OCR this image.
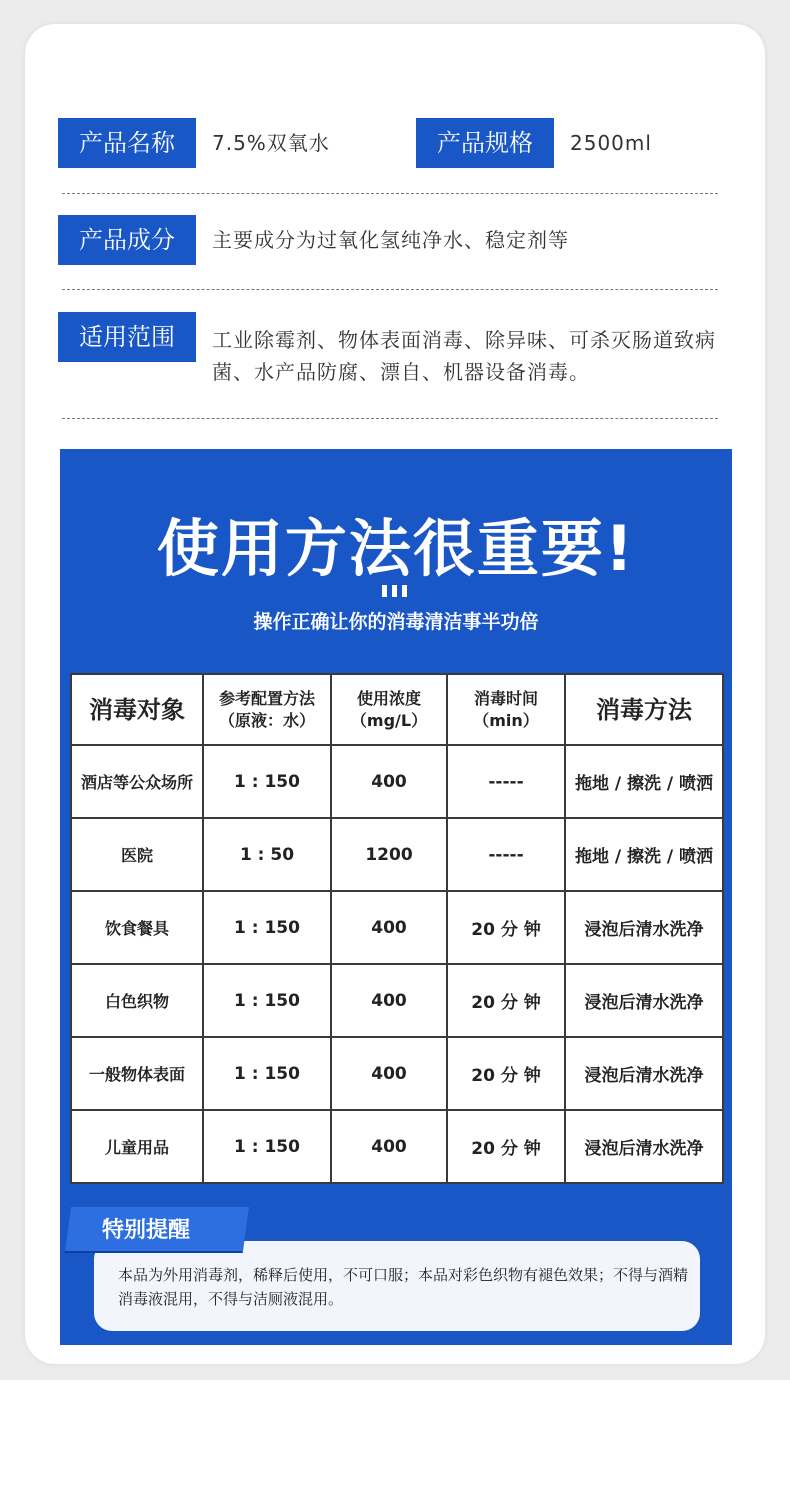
产品名称	7.5%双氧水	产品规格	2500ml
产品成分	主要成分为过氧化氢纯净水、稳定剂等
适用范围	工业除霉剂、物体表面消毒、除异味、可杀灭肠道致病菌、水产品防腐、漂自、机器设备消毒。
使用方法很重要!
操作正确让你的消毒清洁事半功倍
消毒对象	参考配置方法（原液：水）	使用浓度（mg/L）	消毒时间（min）	消毒方法
酒店等公众场所	1 : 150	400	-----	拖地 / 擦洗 / 喷洒
医院	1 : 50	1200	-----	拖地 / 擦洗 / 喷洒
饮食餐具	1 : 150	400	20 分 钟	浸泡后清水洗净
白色织物	1 : 150	400	20 分 钟	浸泡后清水洗净
一般物体表面	1 : 150	400	20 分 钟	浸泡后清水洗净
儿童用品	1 : 150	400	20 分 钟	浸泡后清水洗净
本品为外用消毒剂，稀释后使用，不可口服；本品对彩色织物有褪色效果；不得与酒精消毒液混用，不得与洁厕液混用。
特别提醒
